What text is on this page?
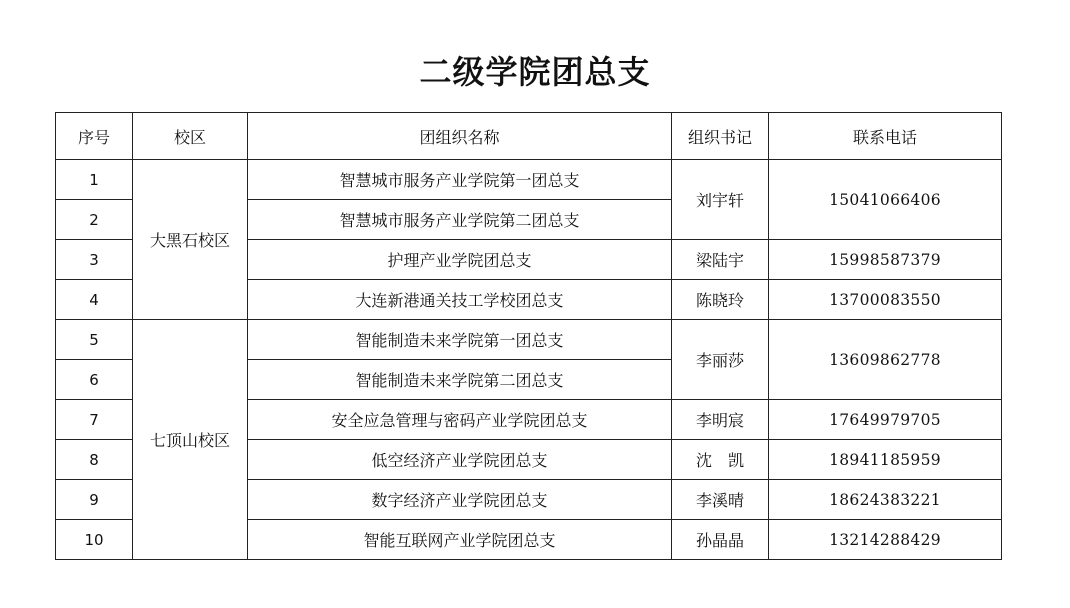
二级学院团总支
序号	校区	团组织名称	组织书记	联系电话
1	大黑石校区	智慧城市服务产业学院第一团总支	刘宇轩	15041066406
2		智慧城市服务产业学院第二团总支		
3		护理产业学院团总支	梁陆宇	15998587379
4		大连新港通关技工学校团总支	陈晓玲	13700083550
5	七顶山校区	智能制造未来学院第一团总支	李丽莎	13609862778
6		智能制造未来学院第二团总支		
7		安全应急管理与密码产业学院团总支	李明宸	17649979705
8		低空经济产业学院团总支	沈　凯	18941185959
9		数字经济产业学院团总支	李溪晴	18624383221
10		智能互联网产业学院团总支	孙晶晶	13214288429
